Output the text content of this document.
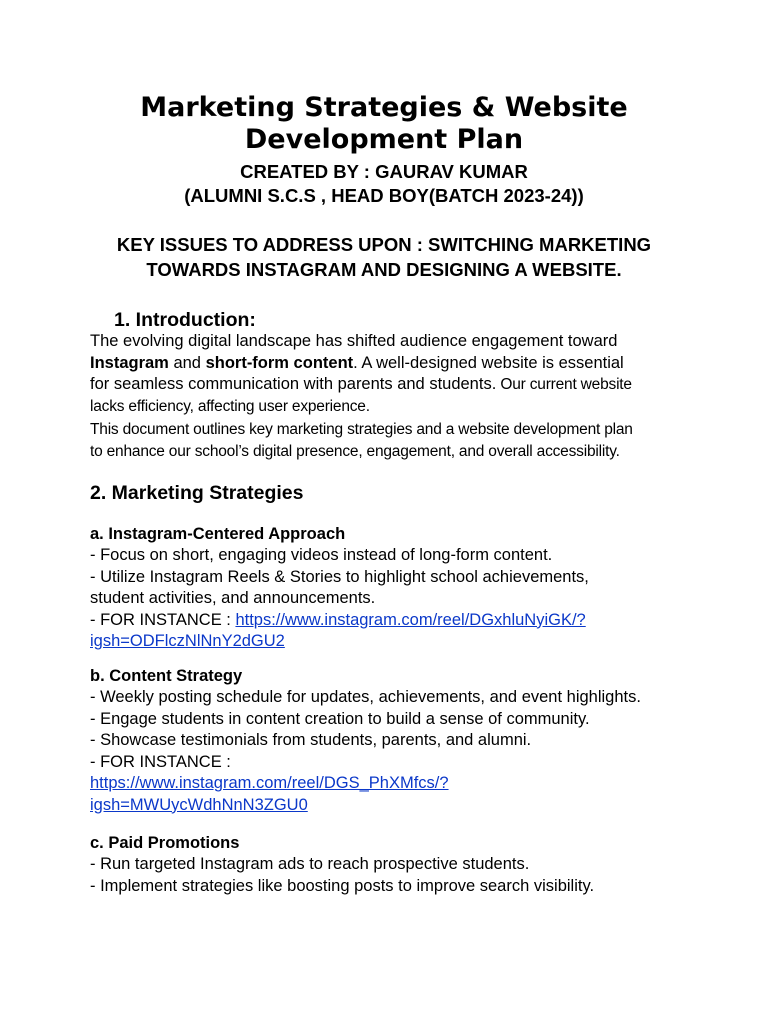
Marketing Strategies & Website
Development Plan
CREATED BY : GAURAV KUMAR
(ALUMNI S.C.S , HEAD BOY(BATCH 2023-24))
KEY ISSUES TO ADDRESS UPON : SWITCHING MARKETING
TOWARDS INSTAGRAM AND DESIGNING A WEBSITE.
1. Introduction:
The evolving digital landscape has shifted audience engagement toward
Instagram and short-form content. A well-designed website is essential
for seamless communication with parents and students. Our current website
lacks efficiency, affecting user experience.
This document outlines key marketing strategies and a website development plan
to enhance our school’s digital presence, engagement, and overall accessibility.
2. Marketing Strategies
a. Instagram-Centered Approach
- Focus on short, engaging videos instead of long-form content.
- Utilize Instagram Reels & Stories to highlight school achievements,
student activities, and announcements.
- FOR INSTANCE : https://www.instagram.com/reel/DGxhluNyiGK/?
igsh=ODFlczNlNnY2dGU2
b. Content Strategy
- Weekly posting schedule for updates, achievements, and event highlights.
- Engage students in content creation to build a sense of community.
- Showcase testimonials from students, parents, and alumni.
- FOR INSTANCE :
https://www.instagram.com/reel/DGS_PhXMfcs/?
igsh=MWUycWdhNnN3ZGU0
c. Paid Promotions
- Run targeted Instagram ads to reach prospective students.
- Implement strategies like boosting posts to improve search visibility.
